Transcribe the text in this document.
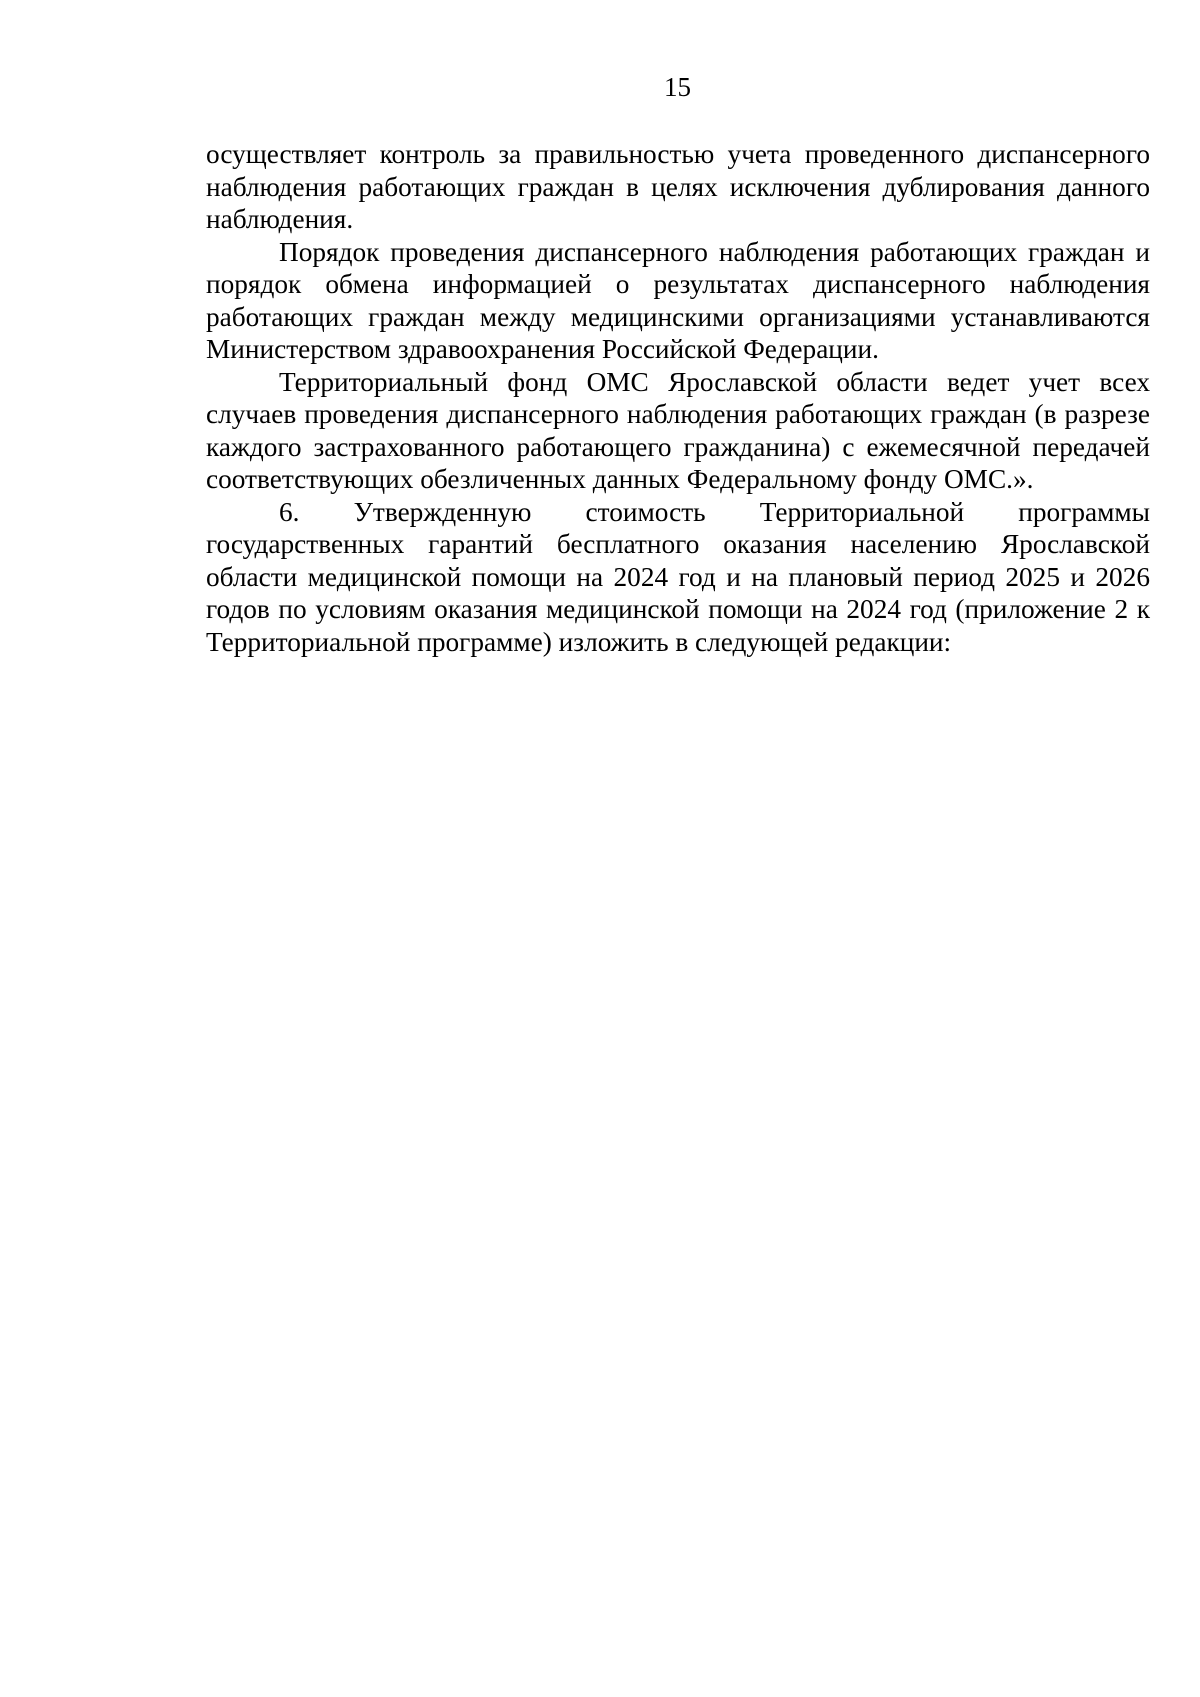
15

осуществляет контроль за правильностью учета проведенного диспансерного наблюдения работающих граждан в целях исключения дублирования данного наблюдения.

Порядок проведения диспансерного наблюдения работающих граждан и порядок обмена информацией о результатах диспансерного наблюдения работающих граждан между медицинскими организациями устанавливаются Министерством здравоохранения Российской Федерации.

Территориальный фонд ОМС Ярославской области ведет учет всех случаев проведения диспансерного наблюдения работающих граждан (в разрезе каждого застрахованного работающего гражданина) с ежемесячной передачей соответствующих обезличенных данных Федеральному фонду ОМС.».

6. Утвержденную стоимость Территориальной программы государственных гарантий бесплатного оказания населению Ярославской области медицинской помощи на 2024 год и на плановый период 2025 и 2026 годов по условиям оказания медицинской помощи на 2024 год (приложение 2 к Территориальной программе) изложить в следующей редакции:
